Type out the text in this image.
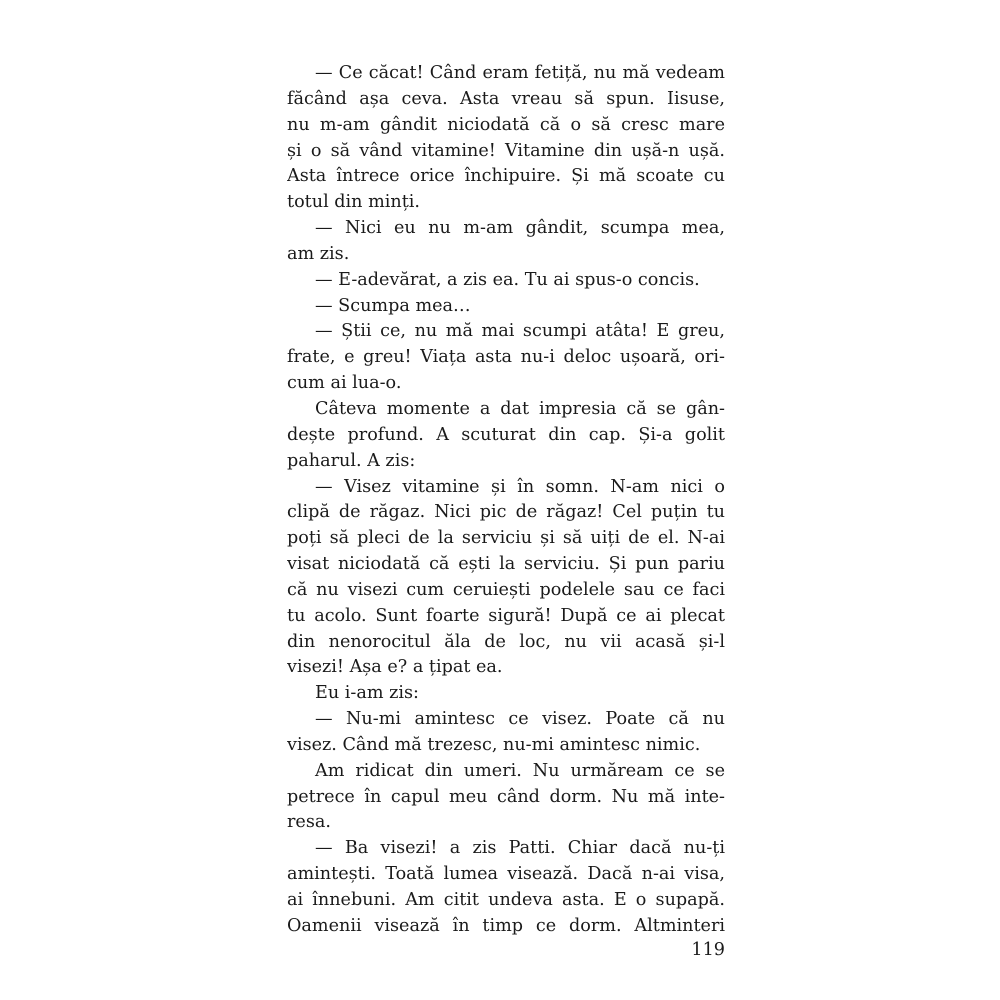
— Ce căcat! Când eram fetiță, nu mă vedeam
făcând așa ceva. Asta vreau să spun. Iisuse,
nu m-am gândit niciodată că o să cresc mare
și o să vând vitamine! Vitamine din ușă-n ușă.
Asta întrece orice închipuire. Și mă scoate cu
totul din minți.
— Nici eu nu m-am gândit, scumpa mea,
am zis.
— E-adevărat, a zis ea. Tu ai spus-o concis.
— Scumpa mea…
— Știi ce, nu mă mai scumpi atâta! E greu,
frate, e greu! Viața asta nu-i deloc ușoară, ori-
cum ai lua-o.
Câteva momente a dat impresia că se gân-
dește profund. A scuturat din cap. Și-a golit
paharul. A zis:
— Visez vitamine și în somn. N-am nici o
clipă de răgaz. Nici pic de răgaz! Cel puțin tu
poți să pleci de la serviciu și să uiți de el. N-ai
visat niciodată că ești la serviciu. Și pun pariu
că nu visezi cum ceruiești podelele sau ce faci
tu acolo. Sunt foarte sigură! După ce ai plecat
din nenorocitul ăla de loc, nu vii acasă și-l
visezi! Așa e? a țipat ea.
Eu i-am zis:
— Nu-mi amintesc ce visez. Poate că nu
visez. Când mă trezesc, nu-mi amintesc nimic.
Am ridicat din umeri. Nu urmăream ce se
petrece în capul meu când dorm. Nu mă inte-
resa.
— Ba visezi! a zis Patti. Chiar dacă nu-ți
amintești. Toată lumea visează. Dacă n-ai visa,
ai înnebuni. Am citit undeva asta. E o supapă.
Oamenii visează în timp ce dorm. Altminteri
119
